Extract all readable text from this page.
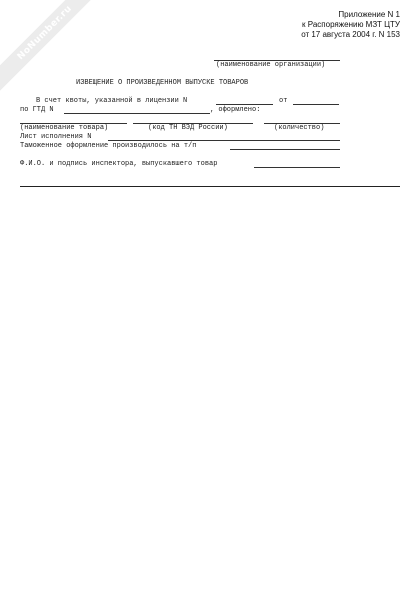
NoNumber.ru	Приложение N 1
к Распоряжению МЗТ ЦТУ
от 17 августа 2004 г. N 153
(наименование организации)
ИЗВЕЩЕНИЕ О ПРОИЗВЕДЕННОМ ВЫПУСКЕ ТОВАРОВ
В счет квоты, указанной в лицензии N	от
по ГТД N	, оформлено:
(наименование товара)	(код ТН ВЭД России)	(количество)
Лист исполнения N
Таможенное оформление производилось на т/п
Ф.И.О. и подпись инспектора, выпускавшего товар
